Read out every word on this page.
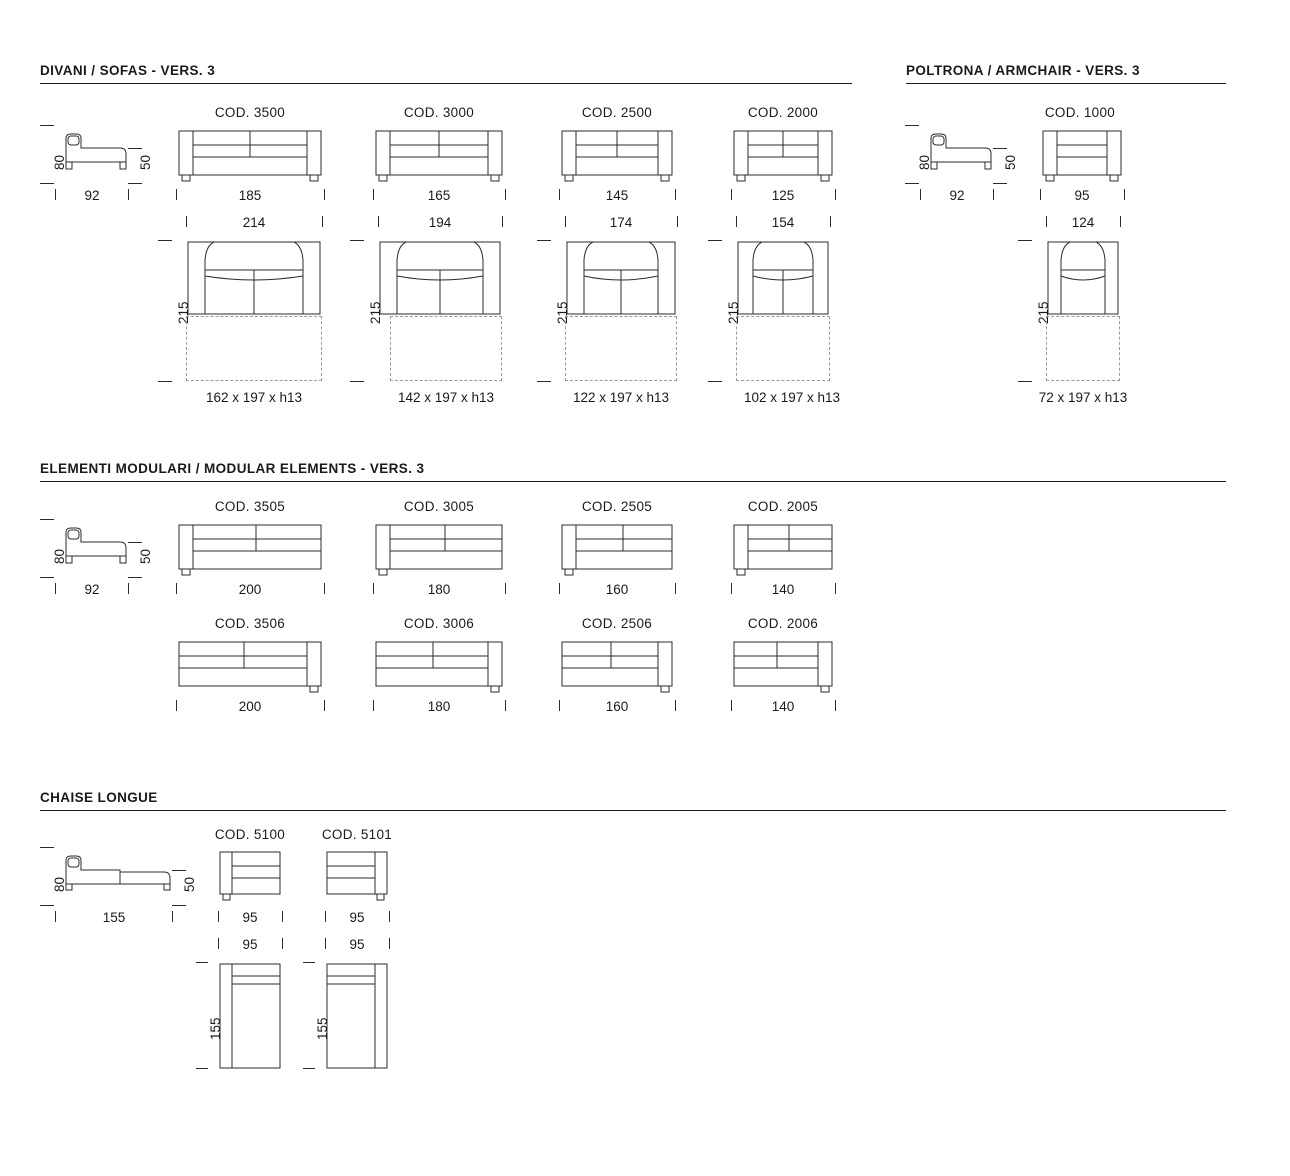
DIVANI / SOFAS - VERS. 3	POLTRONA / ARMCHAIR - VERS. 3
80	50
92
COD. 3500
185
COD. 3000
165
COD. 2500
145
COD. 2000
125
80	50
92
COD. 1000
95
214
215
162 x 197 x h13
194
215
142 x 197 x h13
174
215
122 x 197 x h13
154
215
102 x 197 x h13
124
215
72 x 197 x h13
ELEMENTI MODULARI / MODULAR ELEMENTS - VERS. 3
80	50
92
COD. 3505
200
COD. 3005
180
COD. 2505
160
COD. 2005
140
COD. 3506
200
COD. 3006
180
COD. 2506
160
COD. 2006
140
CHAISE LONGUE
80	50
155
COD. 5100
95
COD. 5101
95
95
155
95
155
